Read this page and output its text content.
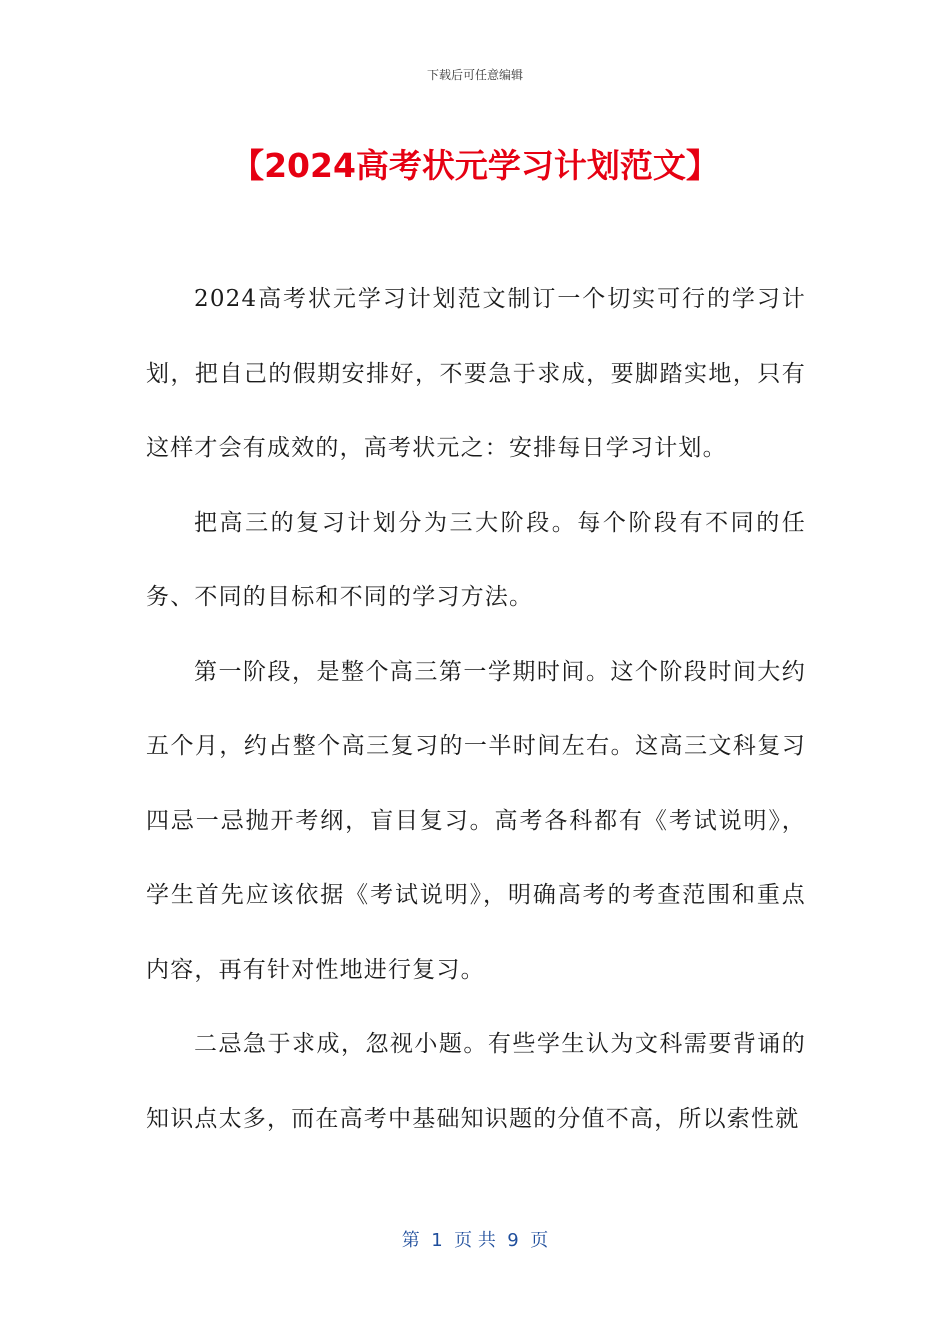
下载后可任意编辑
【2024高考状元学习计划范文】

2024高考状元学习计划范文制订一个切实可行的学习计划，把自己的假期安排好，不要急于求成，要脚踏实地，只有这样才会有成效的，高考状元之：安排每日学习计划。

把高三的复习计划分为三大阶段。每个阶段有不同的任务、不同的目标和不同的学习方法。

第一阶段，是整个高三第一学期时间。这个阶段时间大约五个月，约占整个高三复习的一半时间左右。这高三文科复习四忌一忌抛开考纲，盲目复习。高考各科都有《考试说明》，学生首先应该依据《考试说明》，明确高考的考查范围和重点内容，再有针对性地进行复习。

二忌急于求成，忽视小题。有些学生认为文科需要背诵的知识点太多，而在高考中基础知识题的分值不高，所以索性就

第  1  页 共  9  页
